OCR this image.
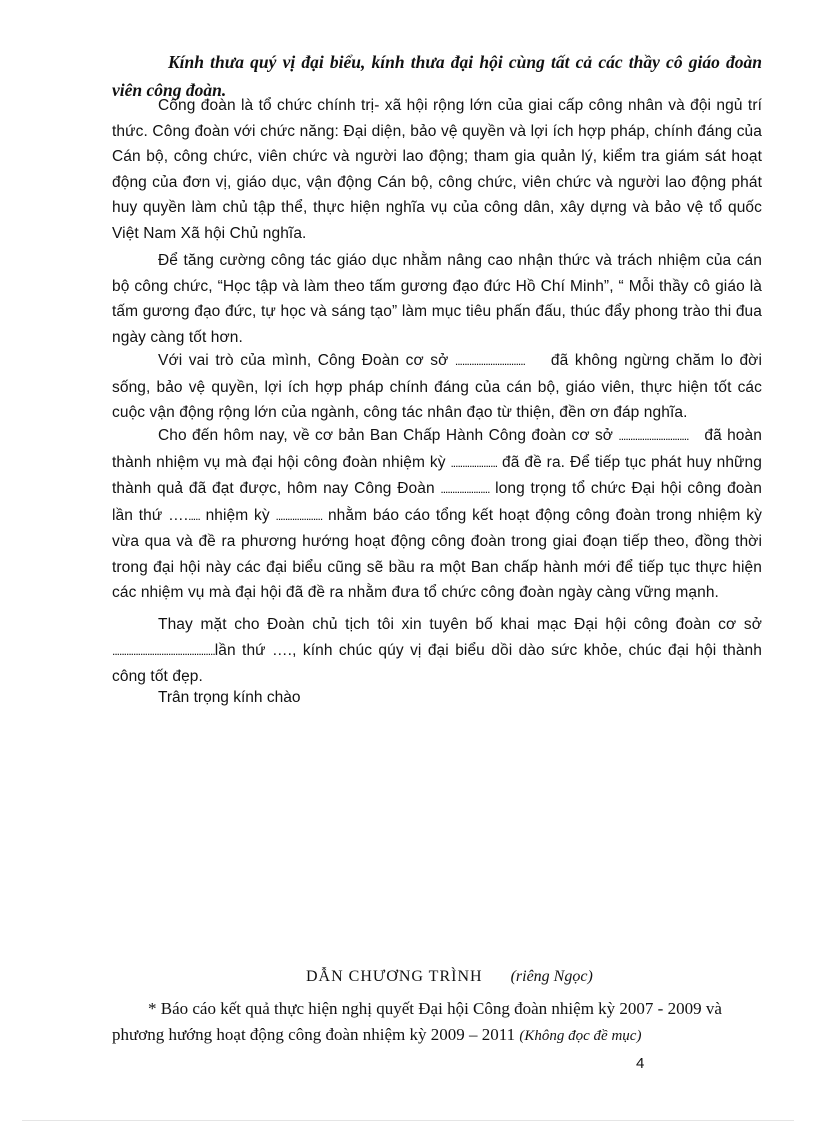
Kính thưa quý vị đại biểu, kính thưa đại hội cùng tất cả các thầy cô giáo đoàn viên công đoàn.

Công đoàn là tổ chức chính trị- xã hội rộng lớn của giai cấp công nhân và đội ngủ trí thức. Công đoàn với chức năng: Đại diện, bảo vệ quyền và lợi ích hợp pháp, chính đáng của Cán bộ, công chức, viên chức và người lao động; tham gia quản lý, kiểm tra giám sát hoạt động của đơn vị, giáo dục, vận động Cán bộ, công chức, viên chức và người lao động phát huy quyền làm chủ tập thể, thực hiện nghĩa vụ của công dân, xây dựng và bảo vệ tổ quốc Việt Nam Xã hội Chủ nghĩa.

Để tăng cường công tác giáo dục nhằm nâng cao nhận thức và trách nhiệm của cán bộ công chức, “Học tập và làm theo tấm gương đạo đức Hồ Chí Minh”, “ Mỗi thầy cô giáo là tấm gương đạo đức, tự học và sáng tạo” làm mục tiêu phấn đấu, thúc đẩy phong trào thi đua ngày càng tốt hơn.

Với vai trò của mình, Công Đoàn cơ sở .............................. đã không ngừng chăm lo đời sống, bảo vệ quyền, lợi ích hợp pháp chính đáng của cán bộ, giáo viên, thực hiện tốt các cuộc vận động rộng lớn của ngành, công tác nhân đạo từ thiện, đền ơn đáp nghĩa.

Cho đến hôm nay, về cơ bản Ban Chấp Hành Công đoàn cơ sở .............................. đã hoàn thành nhiệm vụ mà đại hội công đoàn nhiệm kỳ .................... đã đề ra. Để tiếp tục phát huy những thành quả đã đạt được, hôm nay Công Đoàn ..................... long trọng tổ chức Đại hội công đoàn lần thứ …...... nhiệm kỳ .................... nhằm báo cáo tổng kết hoạt động công đoàn trong nhiệm kỳ vừa qua và đề ra phương hướng hoạt động công đoàn trong giai đoạn tiếp theo, đồng thời trong đại hội này các đại biểu cũng sẽ bầu ra một Ban chấp hành mới để tiếp tục thực hiện các nhiệm vụ mà đại hội đã đề ra nhằm đưa tổ chức công đoàn ngày càng vững mạnh.

Thay mặt cho Đoàn chủ tịch tôi xin tuyên bố khai mạc Đại hội công đoàn cơ sở ............................................lần thứ …., kính chúc qúy vị đại biểu dồi dào sức khỏe, chúc đại hội thành công tốt đẹp.

Trân trọng kính chào
DẪN CHƯƠNG TRÌNH (riêng Ngọc)

* Báo cáo kết quả thực hiện nghị quyết Đại hội Công đoàn nhiệm kỳ 2007 - 2009 và phương hướng hoạt động công đoàn nhiệm kỳ 2009 – 2011 (Không đọc đề mục)

4
